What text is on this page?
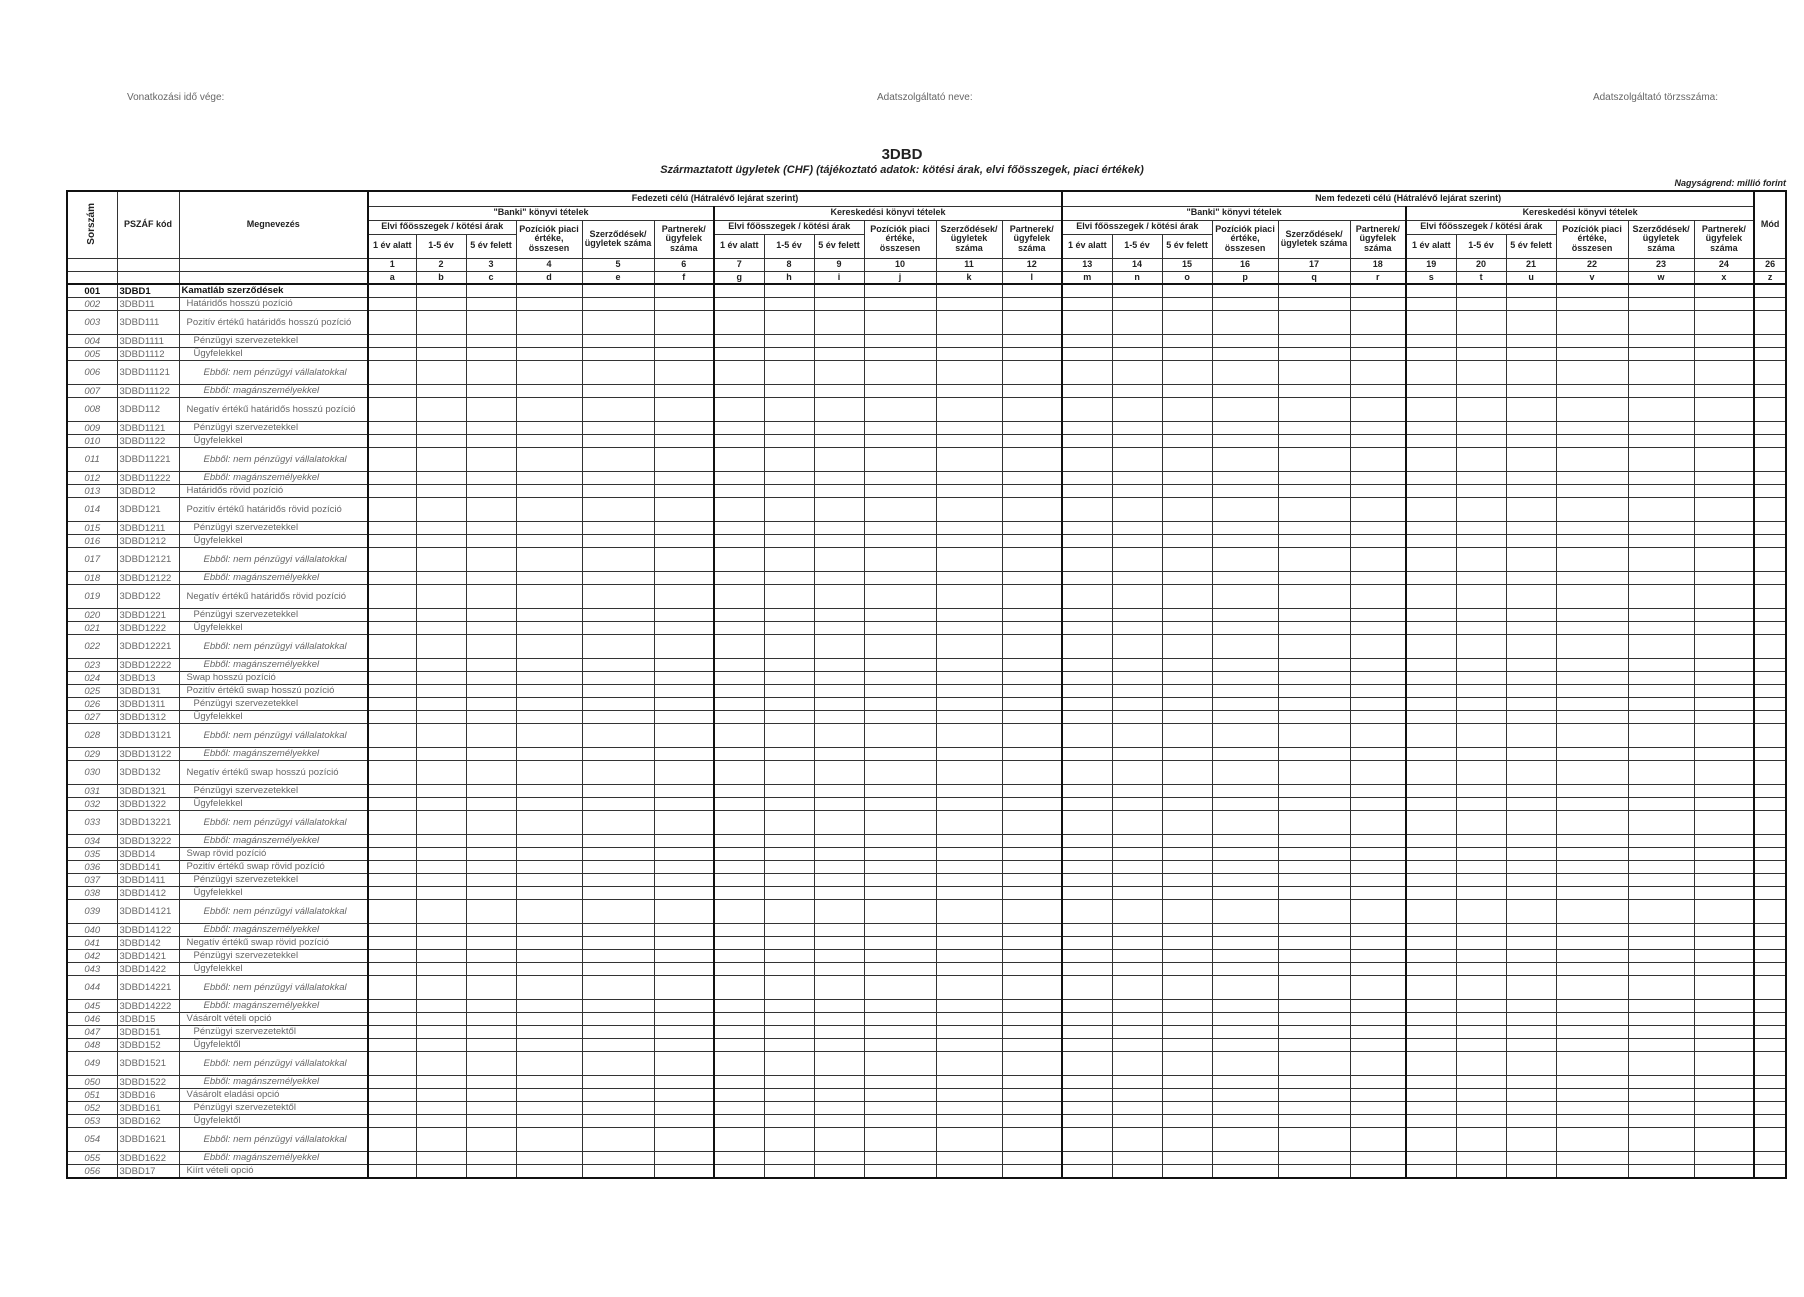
Vonatkozási idő vége:	Adatszolgáltató neve:	Adatszolgáltató törzsszáma:
3DBD
Származtatott ügyletek (CHF) (tájékoztató adatok: kötési árak, elvi főösszegek, piaci értékek)
Nagyságrend: millió forint
Sorszám	PSZÁF kód	Megnevezés	Fedezeti célú (Hátralévő lejárat szerint)												Nem fedezeti célú (Hátralévő lejárat szerint)												Mód
			"Banki" könyvi tételek						Kereskedési könyvi tételek						"Banki" könyvi tételek						Kereskedési könyvi tételek						
			Elvi főösszegek / kötési árak			Pozíciók piaci értéke, összesen	Szerződések/ ügyletek száma	Partnerek/ ügyfelek száma	Elvi főösszegek / kötési árak			Pozíciók piaci értéke, összesen	Szerződések/ ügyletek száma	Partnerek/ ügyfelek száma	Elvi főösszegek / kötési árak			Pozíciók piaci értéke, összesen	Szerződések/ ügyletek száma	Partnerek/ ügyfelek száma	Elvi főösszegek / kötési árak			Pozíciók piaci értéke, összesen	Szerződések/ ügyletek száma	Partnerek/ ügyfelek száma	
			1 év alatt	1-5 év	5 év felett				1 év alatt	1-5 év	5 év felett				1 év alatt	1-5 év	5 év felett				1 év alatt	1-5 év	5 év felett				
			1	2	3	4	5	6	7	8	9	10	11	12	13	14	15	16	17	18	19	20	21	22	23	24	26
			a	b	c	d	e	f	g	h	i	j	k	l	m	n	o	p	q	r	s	t	u	v	w	x	z
001	3DBD1	Kamatláb szerződések																									
002	3DBD11	Határidős hosszú pozíció																									
003	3DBD111	Pozitív értékű határidős hosszú pozíció																									
004	3DBD1111	Pénzügyi szervezetekkel																									
005	3DBD1112	Ügyfelekkel																									
006	3DBD11121	Ebből: nem pénzügyi vállalatokkal																									
007	3DBD11122	Ebből: magánszemélyekkel																									
008	3DBD112	Negatív értékű határidős hosszú pozíció																									
009	3DBD1121	Pénzügyi szervezetekkel																									
010	3DBD1122	Ügyfelekkel																									
011	3DBD11221	Ebből: nem pénzügyi vállalatokkal																									
012	3DBD11222	Ebből: magánszemélyekkel																									
013	3DBD12	Határidős rövid pozíció																									
014	3DBD121	Pozitív értékű határidős rövid pozíció																									
015	3DBD1211	Pénzügyi szervezetekkel																									
016	3DBD1212	Ügyfelekkel																									
017	3DBD12121	Ebből: nem pénzügyi vállalatokkal																									
018	3DBD12122	Ebből: magánszemélyekkel																									
019	3DBD122	Negatív értékű határidős rövid pozíció																									
020	3DBD1221	Pénzügyi szervezetekkel																									
021	3DBD1222	Ügyfelekkel																									
022	3DBD12221	Ebből: nem pénzügyi vállalatokkal																									
023	3DBD12222	Ebből: magánszemélyekkel																									
024	3DBD13	Swap hosszú pozíció																									
025	3DBD131	Pozitív értékű swap hosszú pozíció																									
026	3DBD1311	Pénzügyi szervezetekkel																									
027	3DBD1312	Ügyfelekkel																									
028	3DBD13121	Ebből: nem pénzügyi vállalatokkal																									
029	3DBD13122	Ebből: magánszemélyekkel																									
030	3DBD132	Negatív értékű swap hosszú pozíció																									
031	3DBD1321	Pénzügyi szervezetekkel																									
032	3DBD1322	Ügyfelekkel																									
033	3DBD13221	Ebből: nem pénzügyi vállalatokkal																									
034	3DBD13222	Ebből: magánszemélyekkel																									
035	3DBD14	Swap rövid pozíció																									
036	3DBD141	Pozitív értékű swap rövid pozíció																									
037	3DBD1411	Pénzügyi szervezetekkel																									
038	3DBD1412	Ügyfelekkel																									
039	3DBD14121	Ebből: nem pénzügyi vállalatokkal																									
040	3DBD14122	Ebből: magánszemélyekkel																									
041	3DBD142	Negatív értékű swap rövid pozíció																									
042	3DBD1421	Pénzügyi szervezetekkel																									
043	3DBD1422	Ügyfelekkel																									
044	3DBD14221	Ebből: nem pénzügyi vállalatokkal																									
045	3DBD14222	Ebből: magánszemélyekkel																									
046	3DBD15	Vásárolt vételi opció																									
047	3DBD151	Pénzügyi szervezetektől																									
048	3DBD152	Ügyfelektől																									
049	3DBD1521	Ebből: nem pénzügyi vállalatokkal																									
050	3DBD1522	Ebből: magánszemélyekkel																									
051	3DBD16	Vásárolt eladási opció																									
052	3DBD161	Pénzügyi szervezetektől																									
053	3DBD162	Ügyfelektől																									
054	3DBD1621	Ebből: nem pénzügyi vállalatokkal																									
055	3DBD1622	Ebből: magánszemélyekkel																									
056	3DBD17	Kiírt vételi opció																									
